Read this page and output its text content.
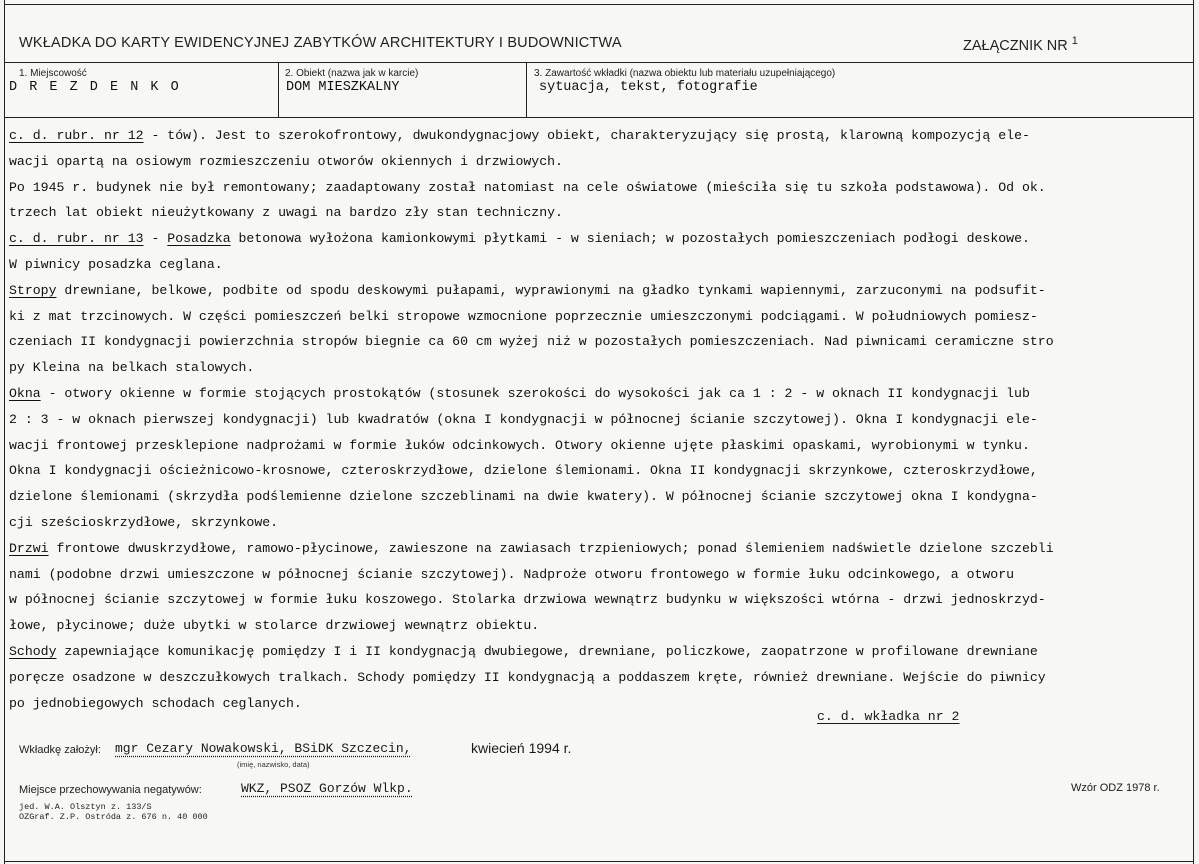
WKŁADKA DO KARTY EWIDENCYJNEJ ZABYTKÓW ARCHITEKTURY I BUDOWNICTWA	ZAŁĄCZNIK NR $^1$
1. Miejscowość
D R E Z D E N K O
2. Obiekt (nazwa jak w karcie)
DOM MIESZKALNY
3. Zawartość wkładki (nazwa obiektu lub materiału uzupełniającego)
sytuacja, tekst, fotografie
c. d. rubr. nr 12 - tów). Jest to szerokofrontowy, dwukondygnacjowy obiekt, charakteryzujący się prostą, klarowną kompozycją ele-
wacji opartą na osiowym rozmieszczeniu otworów okiennych i drzwiowych.
Po 1945 r. budynek nie był remontowany; zaadaptowany został natomiast na cele oświatowe (mieściła się tu szkoła podstawowa). Od ok.
trzech lat obiekt nieużytkowany z uwagi na bardzo zły stan techniczny.
c. d. rubr. nr 13 - Posadzka betonowa wyłożona kamionkowymi płytkami - w sieniach; w pozostałych pomieszczeniach podłogi deskowe.
W piwnicy posadzka ceglana.
Stropy drewniane, belkowe, podbite od spodu deskowymi pułapami, wyprawionymi na gładko tynkami wapiennymi, zarzuconymi na podsufit-
ki z mat trzcinowych. W części pomieszczeń belki stropowe wzmocnione poprzecznie umieszczonymi podciągami. W południowych pomiesz-
czeniach II kondygnacji powierzchnia stropów biegnie ca 60 cm wyżej niż w pozostałych pomieszczeniach. Nad piwnicami ceramiczne stro
py Kleina na belkach stalowych.
Okna - otwory okienne w formie stojących prostokątów (stosunek szerokości do wysokości jak ca 1 : 2 - w oknach II kondygnacji lub
2 : 3 - w oknach pierwszej kondygnacji) lub kwadratów (okna I kondygnacji w północnej ścianie szczytowej). Okna I kondygnacji ele-
wacji frontowej przesklepione nadprożami w formie łuków odcinkowych. Otwory okienne ujęte płaskimi opaskami, wyrobionymi w tynku.
Okna I kondygnacji ościeżnicowo-krosnowe, czteroskrzydłowe, dzielone ślemionami. Okna II kondygnacji skrzynkowe, czteroskrzydłowe,
dzielone ślemionami (skrzydła podślemienne dzielone szczeblinami na dwie kwatery). W północnej ścianie szczytowej okna I kondygna-
cji sześcioskrzydłowe, skrzynkowe.
Drzwi frontowe dwuskrzydłowe, ramowo-płycinowe, zawieszone na zawiasach trzpieniowych; ponad ślemieniem nadświetle dzielone szczebli
nami (podobne drzwi umieszczone w północnej ścianie szczytowej). Nadproże otworu frontowego w formie łuku odcinkowego, a otworu
w północnej ścianie szczytowej w formie łuku koszowego. Stolarka drzwiowa wewnątrz budynku w większości wtórna - drzwi jednoskrzyd-
łowe, płycinowe; duże ubytki w stolarce drzwiowej wewnątrz obiektu.
Schody zapewniające komunikację pomiędzy I i II kondygnacją dwubiegowe, drewniane, policzkowe, zaopatrzone w profilowane drewniane
poręcze osadzone w deszczułkowych tralkach. Schody pomiędzy II kondygnacją a poddaszem kręte, również drewniane. Wejście do piwnicy
po jednobiegowych schodach ceglanych.
c. d. wkładka nr 2
Wkładkę założył: mgr Cezary Nowakowski, BSiDK Szczecin,	kwiecień 1994 r.
(imię, nazwisko, data)
Miejsce przechowywania negatywów:	WKZ, PSOZ Gorzów Wlkp.	Wzór ODZ 1978 r.
jed. W.A. Olsztyn z. 133/S
OZGraf. Z.P. Ostróda z. 676 n. 40 000
